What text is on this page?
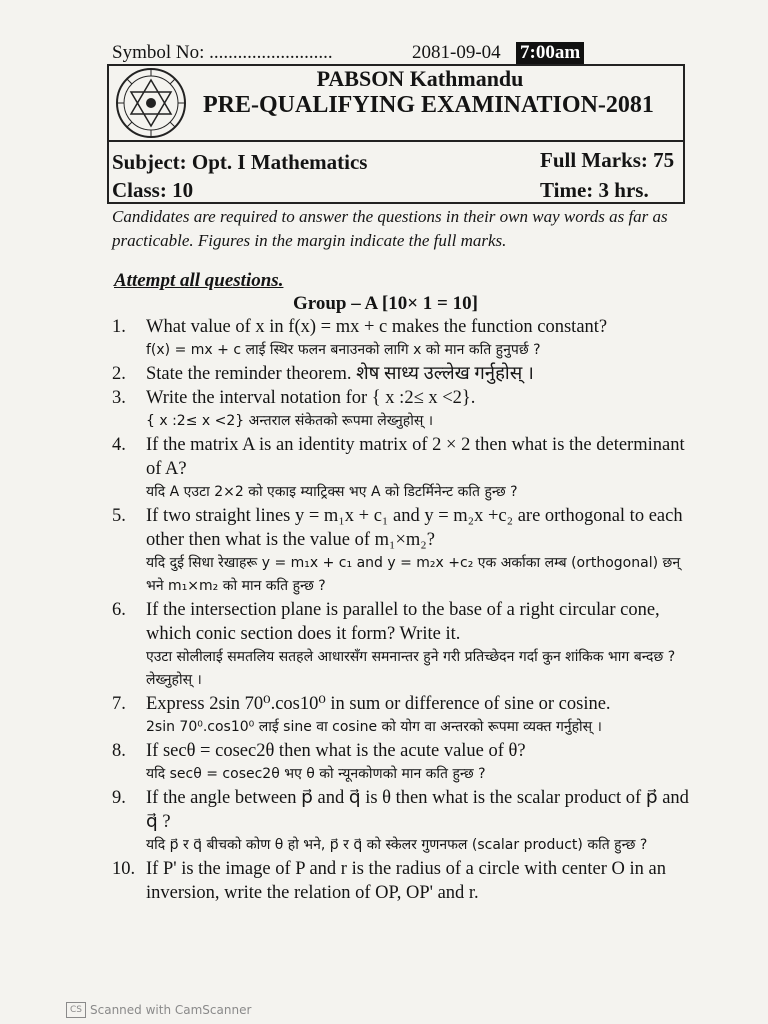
Symbol No: ..........................	2081-09-04 7:00am
PABSON Kathmandu
PRE-QUALIFYING EXAMINATION-2081
Subject: Opt. I Mathematics	Full Marks: 75
Class: 10	Time: 3 hrs.
Candidates are required to answer the questions in their own way words as far as practicable. Figures in the margin indicate the full marks.
Attempt all questions.
Group – A [10× 1 = 10]
1. What value of x in f(x) = mx + c makes the function constant?
f(x) = mx + c लाई स्थिर फलन बनाउनको लागि x को मान कति हुनुपर्छ ?
2. State the reminder theorem. शेष साध्य उल्लेख गर्नुहोस् ।
3. Write the interval notation for { x :2≤ x <2}.
{ x :2≤ x <2} अन्तराल संकेतको रूपमा लेख्नुहोस् ।
4. If the matrix A is an identity matrix of 2 × 2 then what is the determinant of A?
यदि A एउटा 2×2 को एकाइ म्याट्रिक्स भए A को डिटर्मिनेन्ट कति हुन्छ ?
5. If two straight lines y = m₁x + c₁ and y = m₂x +c₂ are orthogonal to each other then what is the value of m₁×m₂?
यदि दुई सिधा रेखाहरू y = m₁x + c₁ and y = m₂x +c₂ एक अर्काका लम्ब (orthogonal) छन् भने m₁×m₂ को मान कति हुन्छ ?
6. If the intersection plane is parallel to the base of a right circular cone, which conic section does it form? Write it.
एउटा सोलीलाई समतलिय सतहले आधारसँग समनान्तर हुने गरी प्रतिच्छेदन गर्दा कुन शांकिक भाग बन्दछ ? लेख्नुहोस् ।
7. Express 2sin 70⁰.cos10⁰ in sum or difference of sine or cosine.
2sin 70⁰.cos10⁰ लाई sine वा cosine को योग वा अन्तरको रूपमा व्यक्त गर्नुहोस् ।
8. If secθ = cosec2θ then what is the acute value of θ?
यदि secθ = cosec2θ भए θ को न्यूनकोणको मान कति हुन्छ ?
9. If the angle between p⃗ and q⃗ is θ then what is the scalar product of p⃗ and q⃗ ?
यदि p⃗ र q⃗ बीचको कोण θ हो भने, p⃗ र q⃗ को स्केलर गुणनफल (scalar product) कति हुन्छ ?
10. If P' is the image of P and r is the radius of a circle with center O in an inversion, write the relation of OP, OP' and r.
CS Scanned with CamScanner
